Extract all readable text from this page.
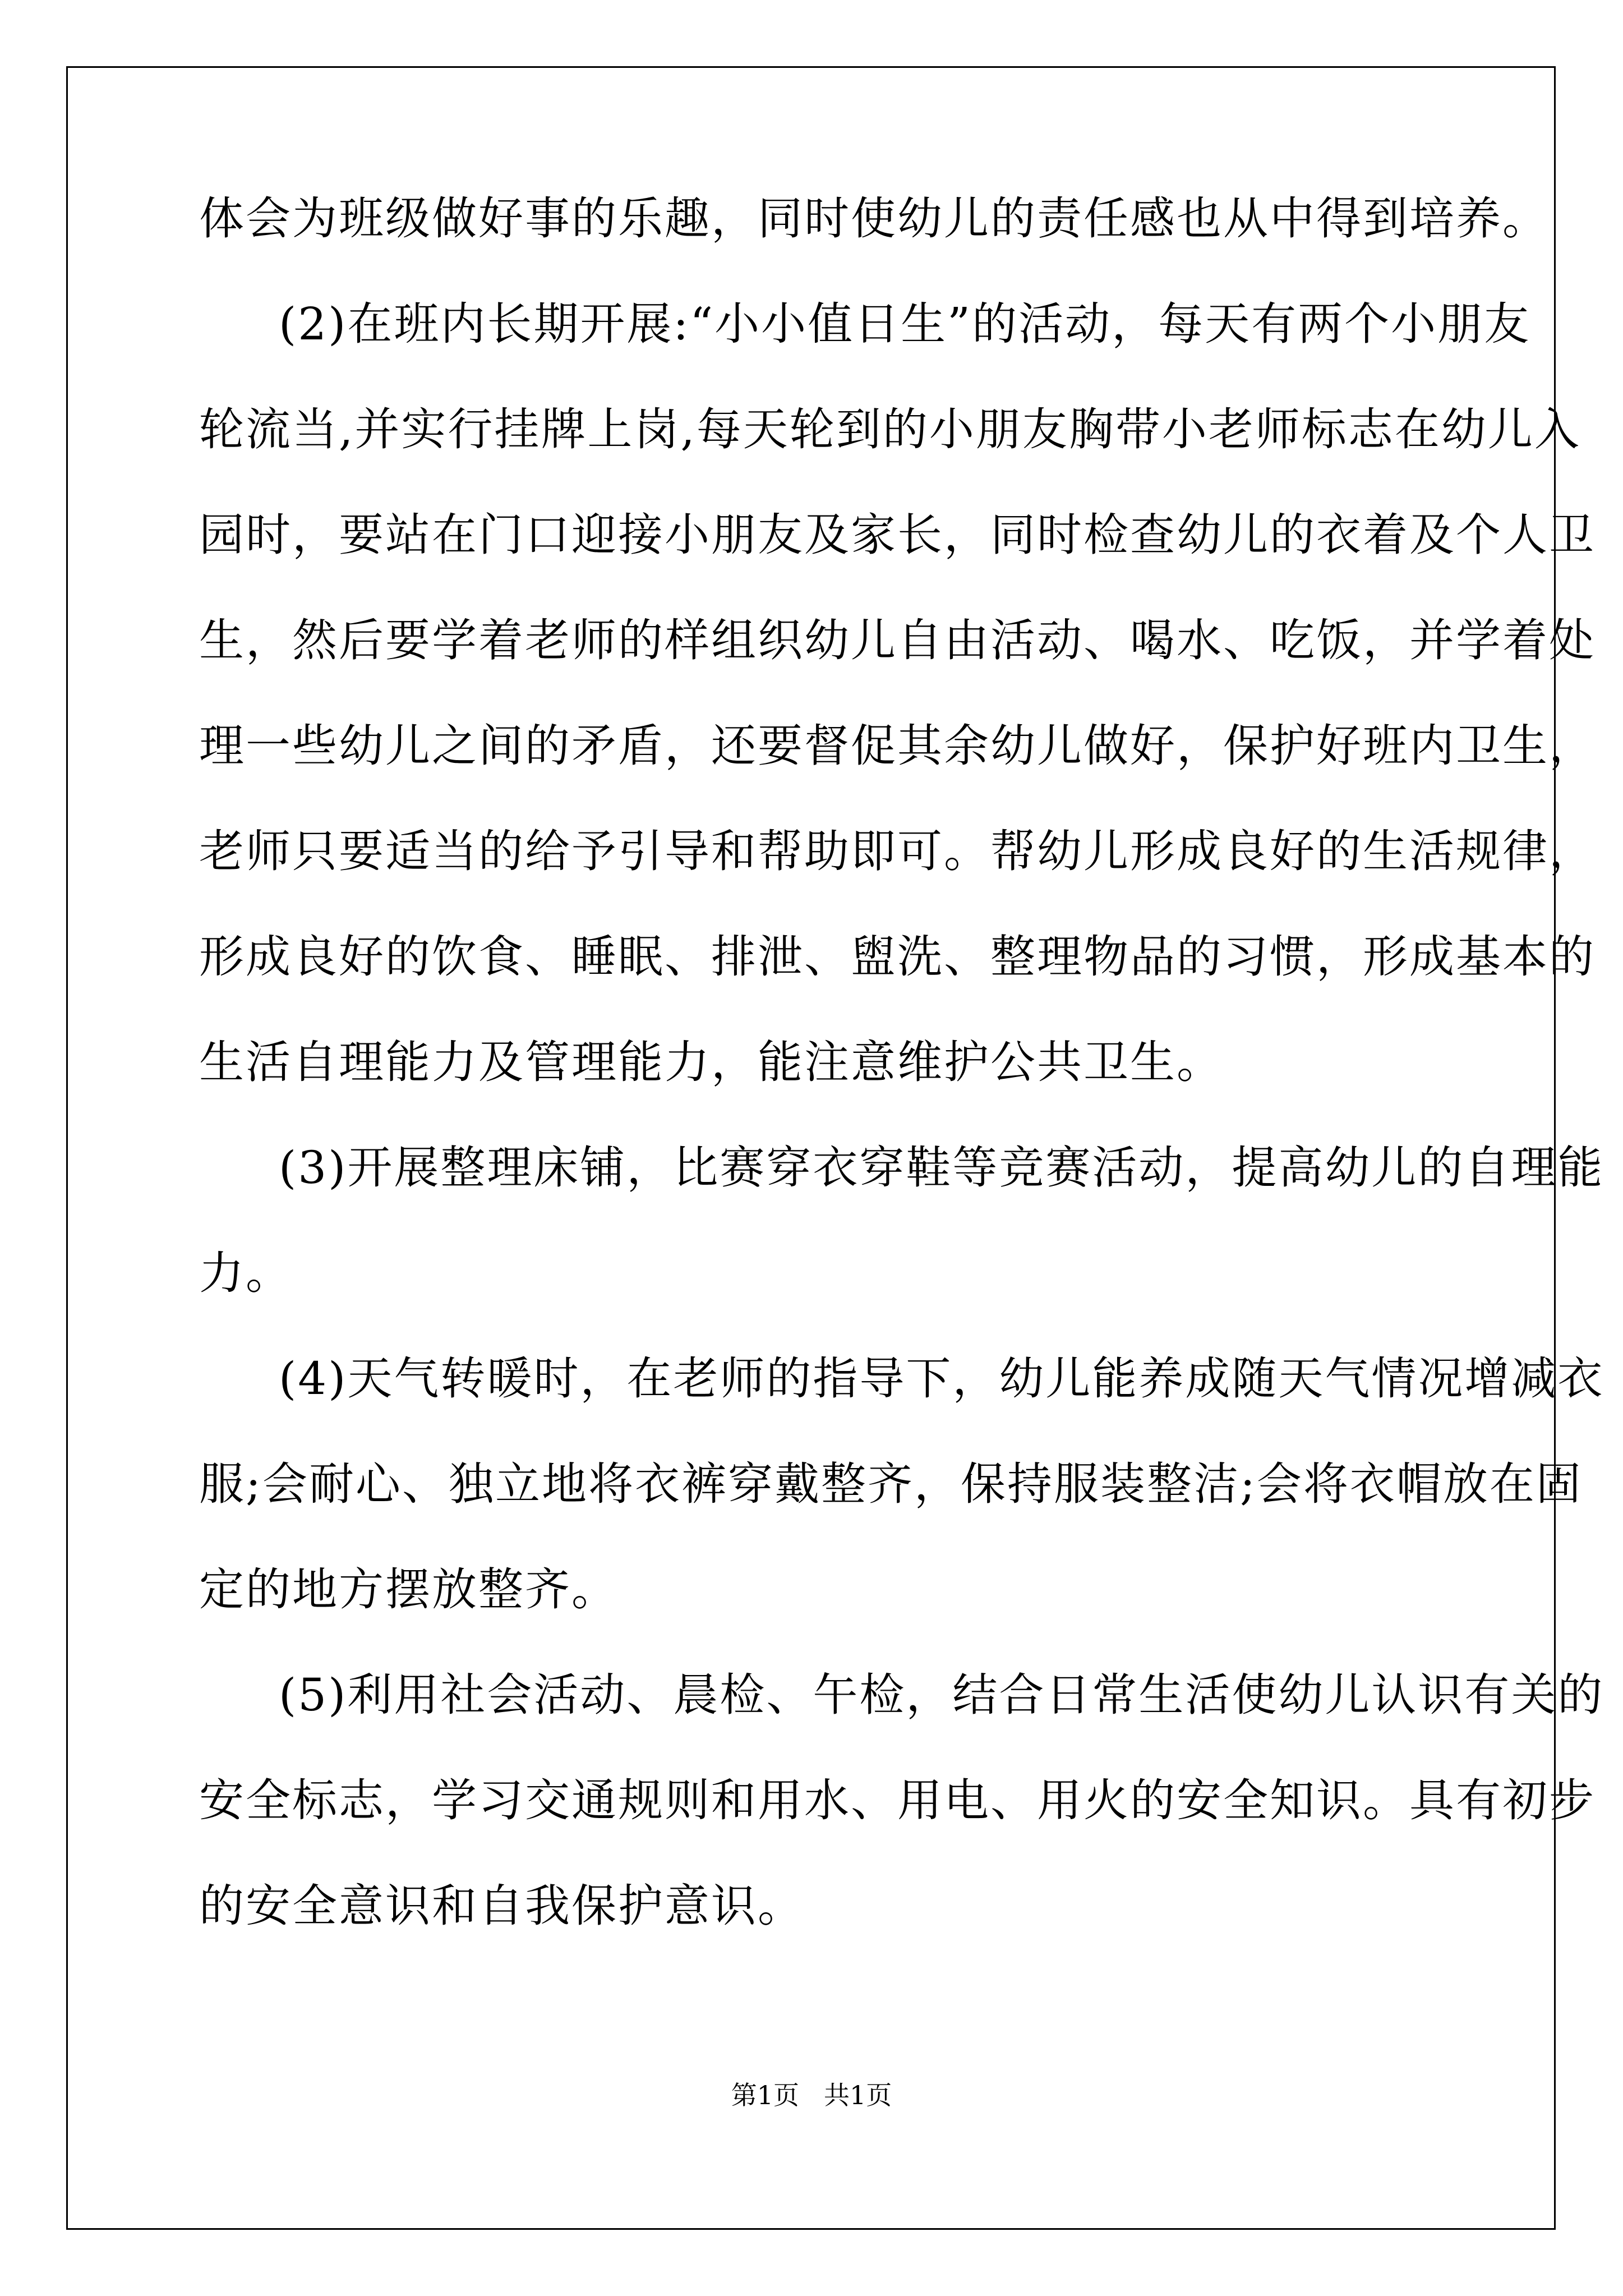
体会为班级做好事的乐趣，同时使幼儿的责任感也从中得到培养。
(2)在班内长期开展:“小小值日生”的活动，每天有两个小朋友
轮流当,并实行挂牌上岗,每天轮到的小朋友胸带小老师标志在幼儿入
园时，要站在门口迎接小朋友及家长，同时检查幼儿的衣着及个人卫
生，然后要学着老师的样组织幼儿自由活动、喝水、吃饭，并学着处
理一些幼儿之间的矛盾，还要督促其余幼儿做好，保护好班内卫生，
老师只要适当的给予引导和帮助即可。帮幼儿形成良好的生活规律，
形成良好的饮食、睡眠、排泄、盥洗、整理物品的习惯，形成基本的
生活自理能力及管理能力，能注意维护公共卫生。
(3)开展整理床铺，比赛穿衣穿鞋等竞赛活动，提高幼儿的自理能
力。
(4)天气转暖时，在老师的指导下，幼儿能养成随天气情况增减衣
服;会耐心、独立地将衣裤穿戴整齐，保持服装整洁;会将衣帽放在固
定的地方摆放整齐。
(5)利用社会活动、晨检、午检，结合日常生活使幼儿认识有关的
安全标志，学习交通规则和用水、用电、用火的安全知识。具有初步
的安全意识和自我保护意识。
第1页 共1页
